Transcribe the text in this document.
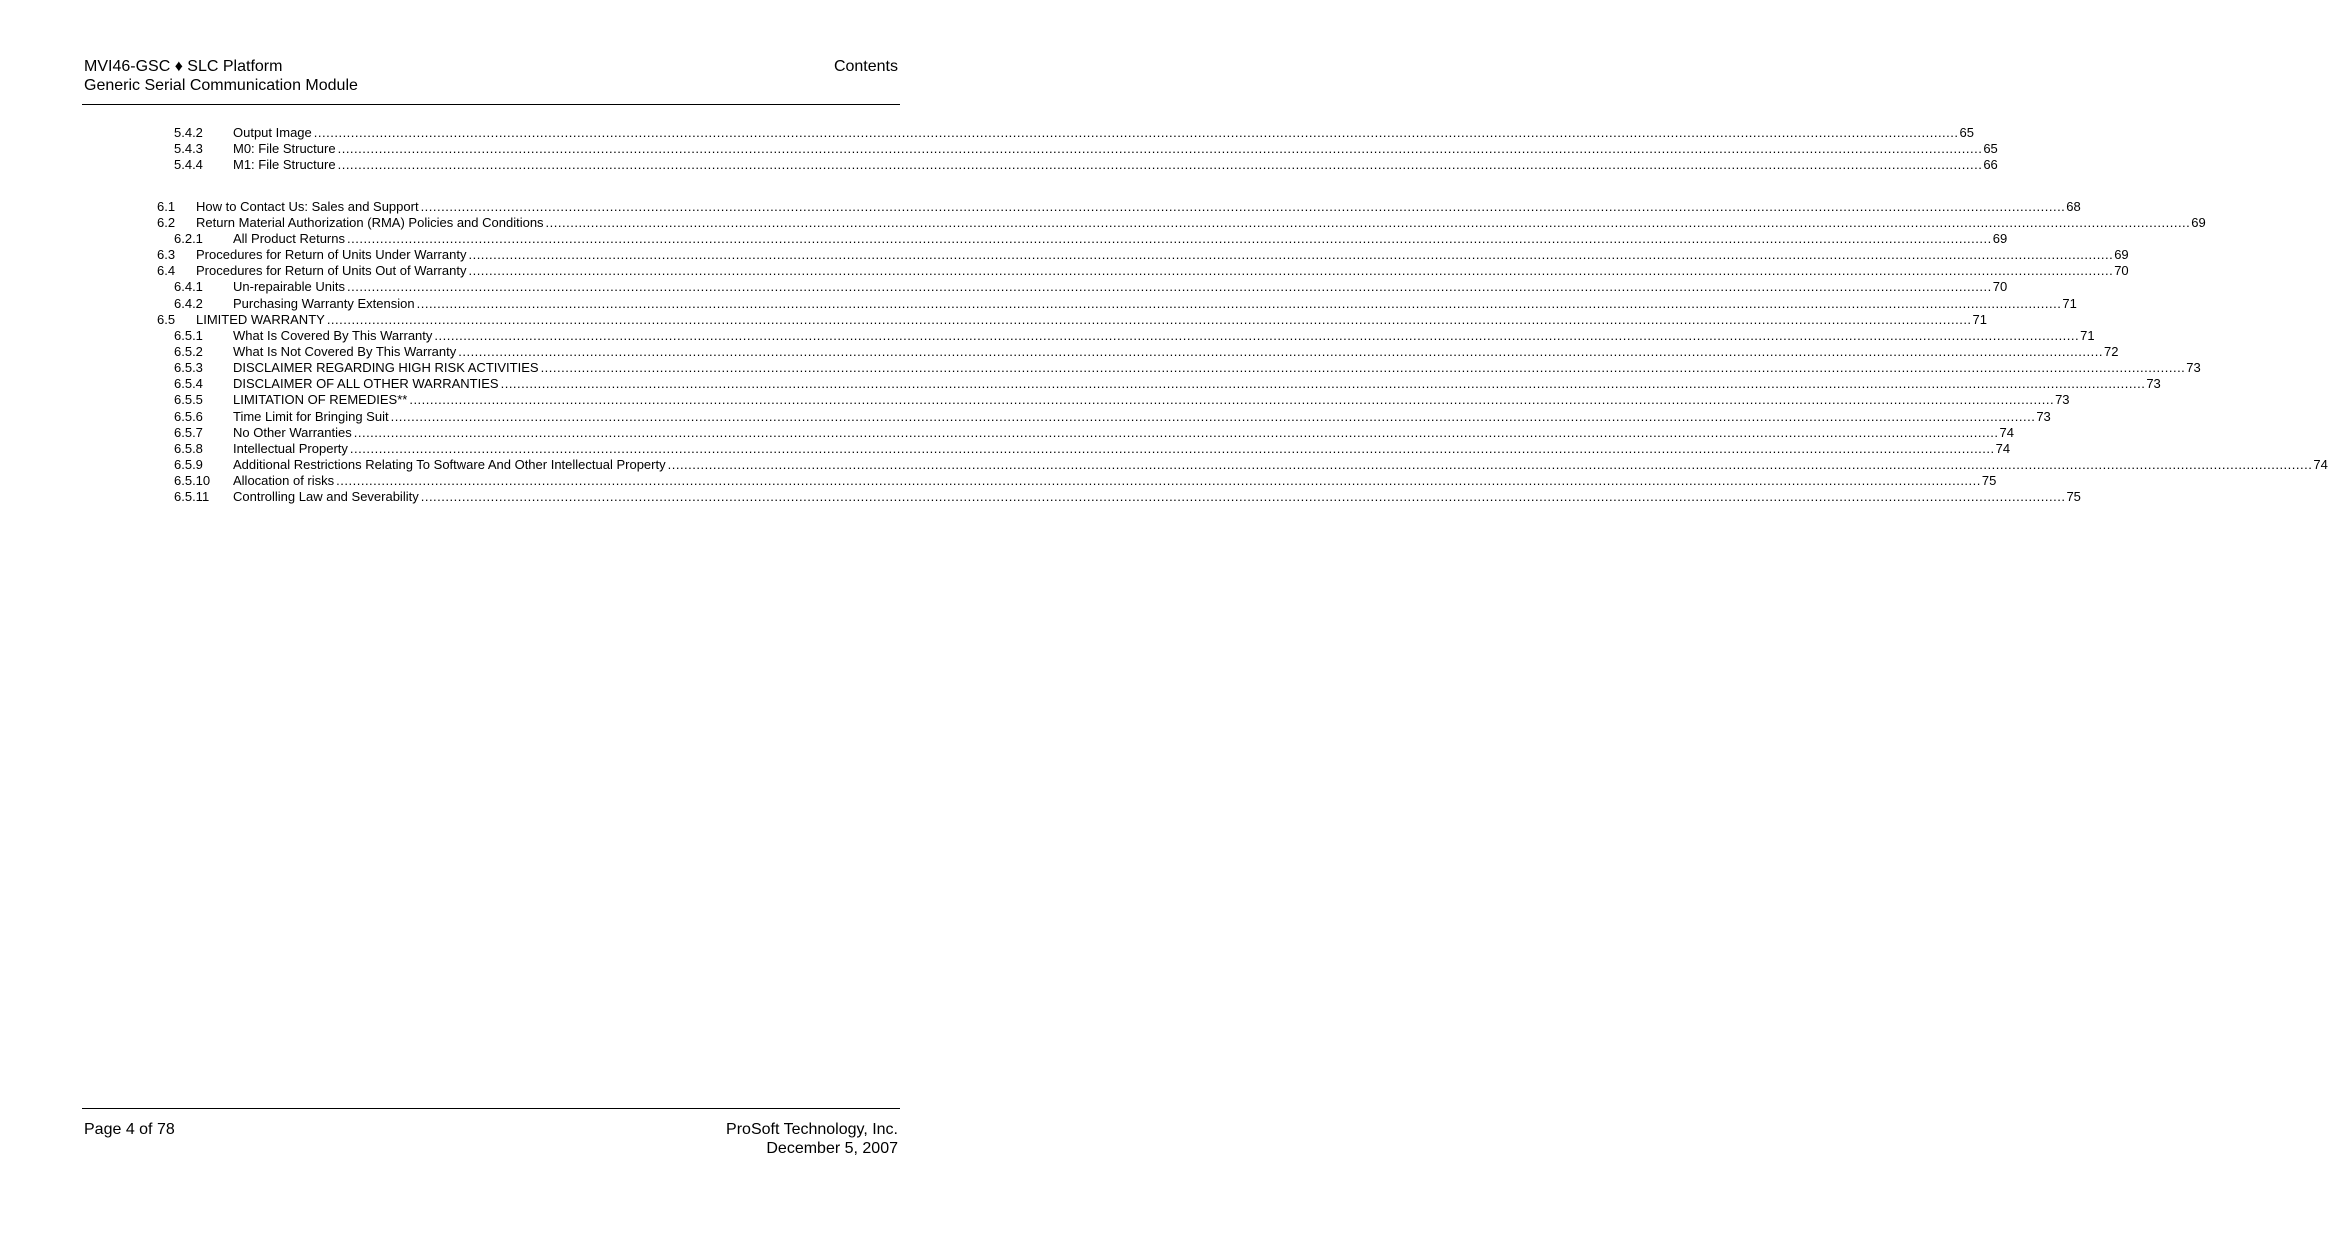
MVI46-GSC ♦ SLC Platform
Generic Serial Communication Module
Contents
5.4.2 Output Image ................................................................................................................................................................................................................................................................................................................................................................................................................ 65
5.4.3 M0: File Structure ................................................................................................................................................................................................................................................................................................................................................................................................................ 65
5.4.4 M1: File Structure ................................................................................................................................................................................................................................................................................................................................................................................................................ 66
6.1 How to Contact Us: Sales and Support ................................................................................................................................................................................................................................................................................................................................................................................................................ 68
6.2 Return Material Authorization (RMA) Policies and Conditions ................................................................................................................................................................................................................................................................................................................................................................................................................ 69
6.2.1 All Product Returns ................................................................................................................................................................................................................................................................................................................................................................................................................ 69
6.3 Procedures for Return of Units Under Warranty ................................................................................................................................................................................................................................................................................................................................................................................................................ 69
6.4 Procedures for Return of Units Out of Warranty ................................................................................................................................................................................................................................................................................................................................................................................................................ 70
6.4.1 Un-repairable Units ................................................................................................................................................................................................................................................................................................................................................................................................................ 70
6.4.2 Purchasing Warranty Extension ................................................................................................................................................................................................................................................................................................................................................................................................................ 71
6.5 LIMITED WARRANTY ................................................................................................................................................................................................................................................................................................................................................................................................................ 71
6.5.1 What Is Covered By This Warranty ................................................................................................................................................................................................................................................................................................................................................................................................................ 71
6.5.2 What Is Not Covered By This Warranty ................................................................................................................................................................................................................................................................................................................................................................................................................ 72
6.5.3 DISCLAIMER REGARDING HIGH RISK ACTIVITIES ................................................................................................................................................................................................................................................................................................................................................................................................................ 73
6.5.4 DISCLAIMER OF ALL OTHER WARRANTIES ................................................................................................................................................................................................................................................................................................................................................................................................................ 73
6.5.5 LIMITATION OF REMEDIES** ................................................................................................................................................................................................................................................................................................................................................................................................................ 73
6.5.6 Time Limit for Bringing Suit ................................................................................................................................................................................................................................................................................................................................................................................................................ 73
6.5.7 No Other Warranties ................................................................................................................................................................................................................................................................................................................................................................................................................ 74
6.5.8 Intellectual Property ................................................................................................................................................................................................................................................................................................................................................................................................................ 74
6.5.9 Additional Restrictions Relating To Software And Other Intellectual Property ................................................................................................................................................................................................................................................................................................................................................................................................................ 74
6.5.10 Allocation of risks ................................................................................................................................................................................................................................................................................................................................................................................................................ 75
6.5.11 Controlling Law and Severability ................................................................................................................................................................................................................................................................................................................................................................................................................ 75
Page 4 of 78	ProSoft Technology, Inc.
December 5, 2007
